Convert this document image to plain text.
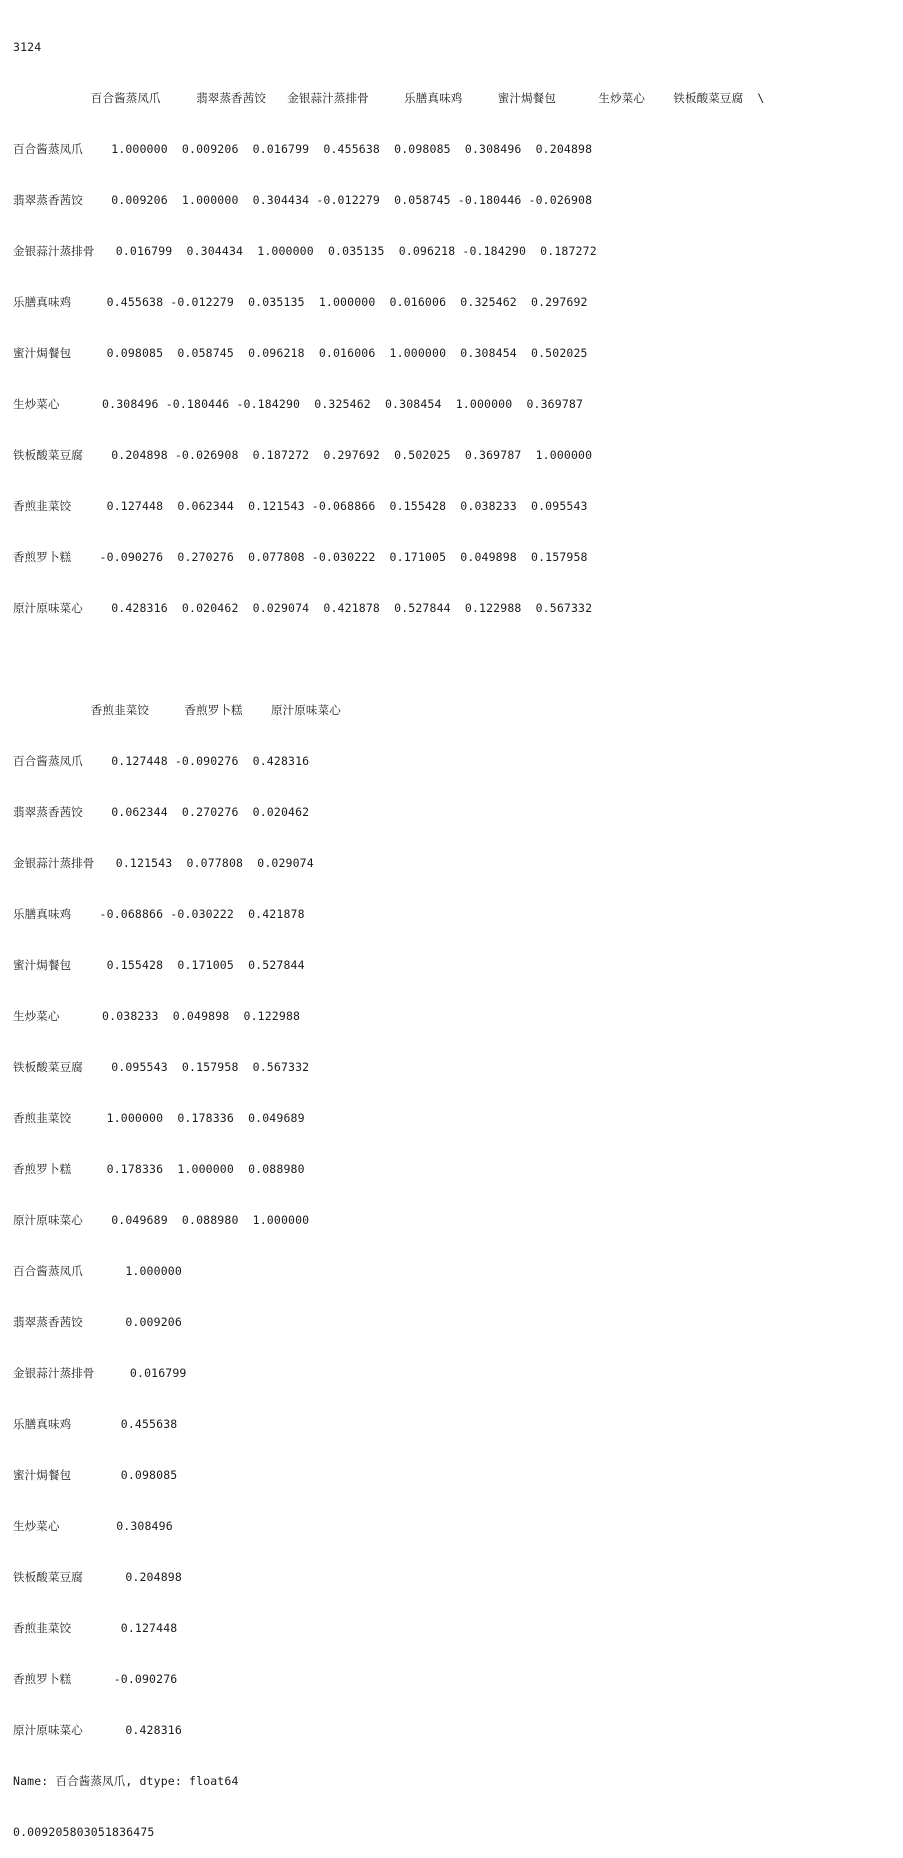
3124

百合酱蒸凤爪     翡翠蒸香茜饺   金银蒜汁蒸排骨     乐膳真味鸡     蜜汁焗餐包      生炒菜心    铁板酸菜豆腐  \

百合酱蒸凤爪    1.000000  0.009206  0.016799  0.455638  0.098085  0.308496  0.204898

翡翠蒸香茜饺    0.009206  1.000000  0.304434 -0.012279  0.058745 -0.180446 -0.026908

金银蒜汁蒸排骨   0.016799  0.304434  1.000000  0.035135  0.096218 -0.184290  0.187272

乐膳真味鸡     0.455638 -0.012279  0.035135  1.000000  0.016006  0.325462  0.297692

蜜汁焗餐包     0.098085  0.058745  0.096218  0.016006  1.000000  0.308454  0.502025

生炒菜心      0.308496 -0.180446 -0.184290  0.325462  0.308454  1.000000  0.369787

铁板酸菜豆腐    0.204898 -0.026908  0.187272  0.297692  0.502025  0.369787  1.000000

香煎韭菜饺     0.127448  0.062344  0.121543 -0.068866  0.155428  0.038233  0.095543

香煎罗卜糕    -0.090276  0.270276  0.077808 -0.030222  0.171005  0.049898  0.157958

原汁原味菜心    0.428316  0.020462  0.029074  0.421878  0.527844  0.122988  0.567332

香煎韭菜饺     香煎罗卜糕    原汁原味菜心

百合酱蒸凤爪    0.127448 -0.090276  0.428316

翡翠蒸香茜饺    0.062344  0.270276  0.020462

金银蒜汁蒸排骨   0.121543  0.077808  0.029074

乐膳真味鸡    -0.068866 -0.030222  0.421878

蜜汁焗餐包     0.155428  0.171005  0.527844

生炒菜心      0.038233  0.049898  0.122988

铁板酸菜豆腐    0.095543  0.157958  0.567332

香煎韭菜饺     1.000000  0.178336  0.049689

香煎罗卜糕     0.178336  1.000000  0.088980

原汁原味菜心    0.049689  0.088980  1.000000

百合酱蒸凤爪      1.000000

翡翠蒸香茜饺      0.009206

金银蒜汁蒸排骨     0.016799

乐膳真味鸡       0.455638

蜜汁焗餐包       0.098085

生炒菜心        0.308496

铁板酸菜豆腐      0.204898

香煎韭菜饺       0.127448

香煎罗卜糕      -0.090276

原汁原味菜心      0.428316

Name: 百合酱蒸凤爪, dtype: float64

0.009205803051836475
